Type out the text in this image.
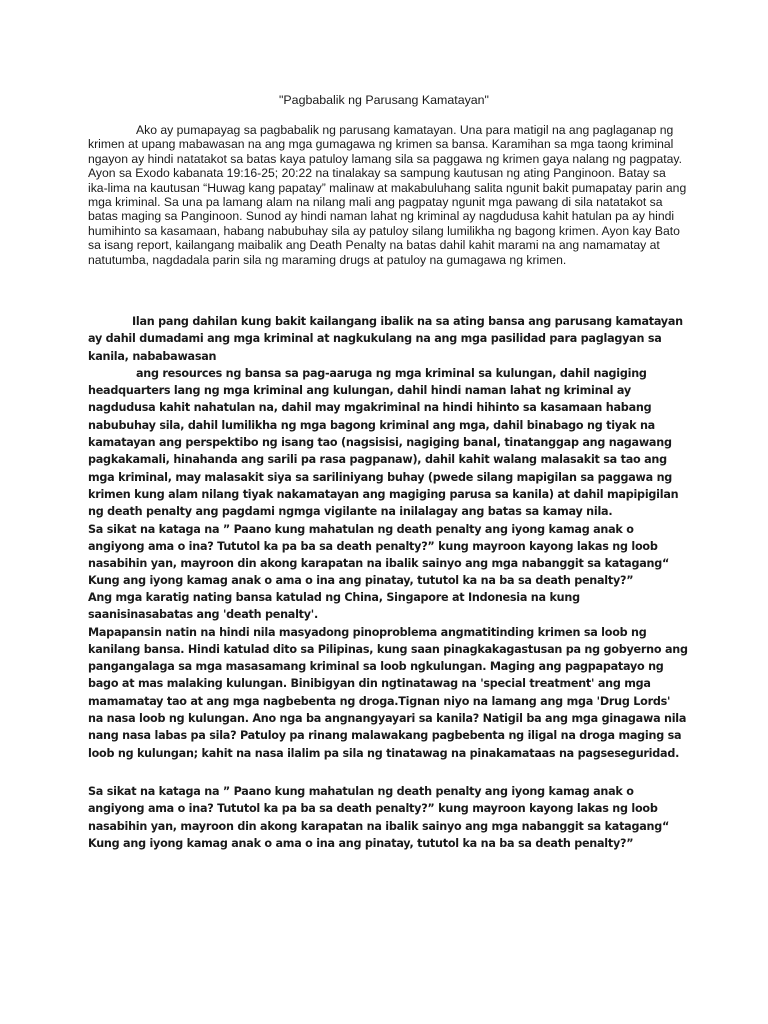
"Pagbabalik ng Parusang Kamatayan"

Ako ay pumapayag sa pagbabalik ng parusang kamatayan. Una para matigil na ang paglaganap ng krimen at upang mabawasan na ang mga gumagawa ng krimen sa bansa. Karamihan sa mga taong kriminal ngayon ay hindi natatakot sa batas kaya patuloy lamang sila sa paggawa ng krimen gaya nalang ng pagpatay. Ayon sa Exodo kabanata 19:16-25; 20:22 na tinalakay sa sampung kautusan ng ating Panginoon. Batay sa ika-lima na kautusan “Huwag kang papatay” malinaw at makabuluhang salita ngunit bakit pumapatay parin ang mga kriminal. Sa una pa lamang alam na nilang mali ang pagpatay ngunit mga pawang di sila natatakot sa batas maging sa Panginoon. Sunod ay hindi naman lahat ng kriminal ay nagdudusa kahit hatulan pa ay hindi humihinto sa kasamaan, habang nabubuhay sila ay patuloy silang lumilikha ng bagong krimen. Ayon kay Bato sa isang report, kailangang maibalik ang Death Penalty na batas dahil kahit marami na ang namamatay at natutumba, nagdadala parin sila ng maraming drugs at patuloy na gumagawa ng krimen.

Ilan pang dahilan kung bakit kailangang ibalik na sa ating bansa ang parusang kamatayan ay dahil dumadami ang mga kriminal at nagkukulang na ang mga pasilidad para paglagyan sa kanila, nababawasan

ang resources ng bansa sa pag-aaruga ng mga kriminal sa kulungan, dahil nagiging headquarters lang ng mga kriminal ang kulungan, dahil hindi naman lahat ng kriminal ay nagdudusa kahit nahatulan na, dahil may mgakriminal na hindi hihinto sa kasamaan habang nabubuhay sila, dahil lumilikha ng mga bagong kriminal ang mga, dahil binabago ng tiyak na kamatayan ang perspektibo ng isang tao (nagsisisi, nagiging banal, tinatanggap ang nagawang pagkakamali, hinahanda ang sarili pa rasa pagpanaw), dahil kahit walang malasakit sa tao ang mga kriminal, may malasakit siya sa sariliniyang buhay (pwede silang mapigilan sa paggawa ng krimen kung alam nilang tiyak nakamatayan ang magiging parusa sa kanila) at dahil mapipigilan ng death penalty ang pagdami ngmga vigilante na inilalagay ang batas sa kamay nila.

Sa sikat na kataga na ” Paano kung mahatulan ng death penalty ang iyong kamag anak o angiyong ama o ina? Tututol ka pa ba sa death penalty?” kung mayroon kayong lakas ng loob nasabihin yan, mayroon din akong karapatan na ibalik sainyo ang mga nabanggit sa katagang“ Kung ang iyong kamag anak o ama o ina ang pinatay, tututol ka na ba sa death penalty?”

Ang mga karatig nating bansa katulad ng China, Singapore at Indonesia na kung saanisinasabatas ang 'death penalty'.

Mapapansin natin na hindi nila masyadong pinoproblema angmatitinding krimen sa loob ng kanilang bansa. Hindi katulad dito sa Pilipinas, kung saan pinagkakagastusan pa ng gobyerno ang pangangalaga sa mga masasamang kriminal sa loob ngkulungan. Maging ang pagpapatayo ng bago at mas malaking kulungan. Binibigyan din ngtinatawag na 'special treatment' ang mga mamamatay tao at ang mga nagbebenta ng droga.Tignan niyo na lamang ang mga 'Drug Lords' na nasa loob ng kulungan. Ano nga ba angnangyayari sa kanila? Natigil ba ang mga ginagawa nila nang nasa labas pa sila? Patuloy pa rinang malawakang pagbebenta ng iligal na droga maging sa loob ng kulungan; kahit na nasa ilalim pa sila ng tinatawag na pinakamataas na pagseseguridad.

Sa sikat na kataga na ” Paano kung mahatulan ng death penalty ang iyong kamag anak o angiyong ama o ina? Tututol ka pa ba sa death penalty?” kung mayroon kayong lakas ng loob nasabihin yan, mayroon din akong karapatan na ibalik sainyo ang mga nabanggit sa katagang“ Kung ang iyong kamag anak o ama o ina ang pinatay, tututol ka na ba sa death penalty?”
